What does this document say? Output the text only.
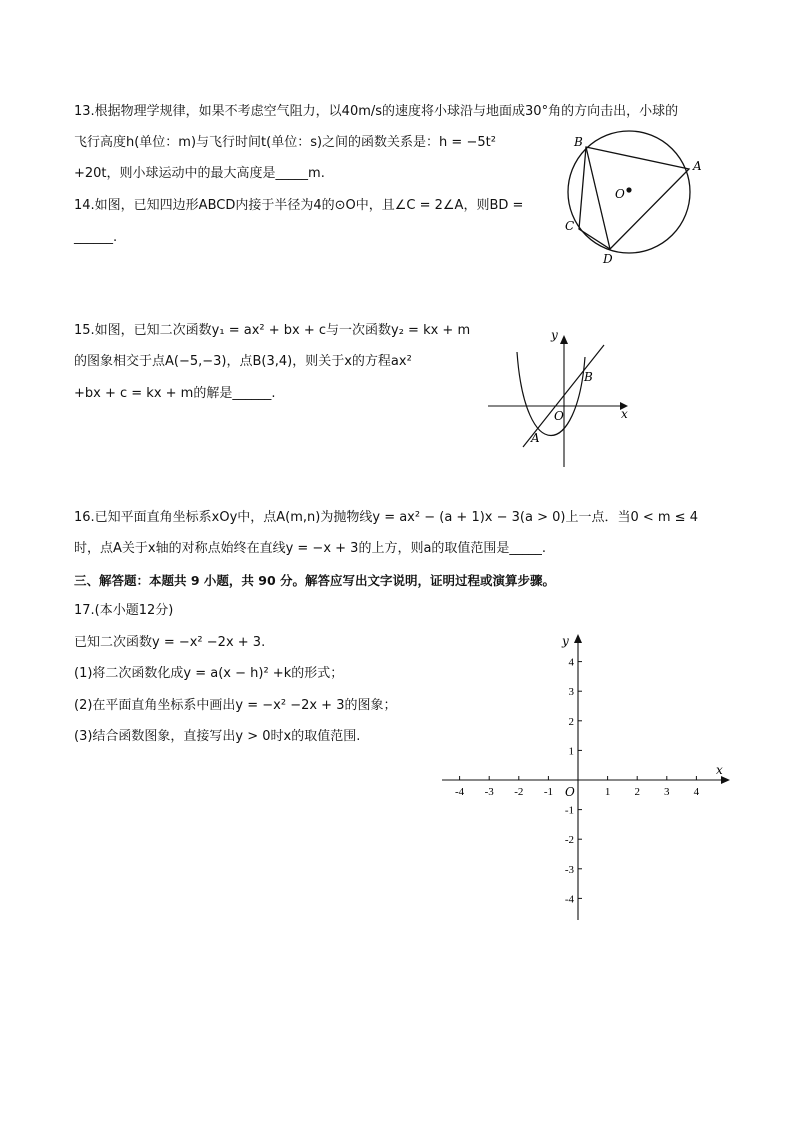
13.根据物理学规律，如果不考虑空气阻力，以40m/s的速度将小球沿与地面成30°角的方向击出，小球的
飞行高度h(单位：m)与飞行时间t(单位：s)之间的函数关系是：h = −5t²
+20t，则小球运动中的最大高度是_____m.
14.如图，已知四边形ABCD内接于半径为4的⊙O中，且∠C = 2∠A，则BD =
______.
B
A
O
C
D
15.如图，已知二次函数y₁ = ax² + bx + c与一次函数y₂ = kx + m
的图象相交于点A(−5,−3)，点B(3,4)，则关于x的方程ax²
+bx + c = kx + m的解是______.
y
x
O
B
A
16.已知平面直角坐标系xOy中，点A(m,n)为抛物线y = ax² − (a + 1)x − 3(a > 0)上一点．当0 < m ≤ 4
时，点A关于x轴的对称点始终在直线y = −x + 3的上方，则a的取值范围是_____.
三、解答题：本题共 9 小题，共 90 分。解答应写出文字说明，证明过程或演算步骤。
17.(本小题12分)
已知二次函数y = −x² −2x + 3.
(1)将二次函数化成y = a(x − h)² +k的形式；
(2)在平面直角坐标系中画出y = −x² −2x + 3的图象；
(3)结合函数图象，直接写出y > 0时x的取值范围.
y
x
O
-4 -3 -2 -1	1 2 3 4
4
3
2
1
-1
-2
-3
-4
